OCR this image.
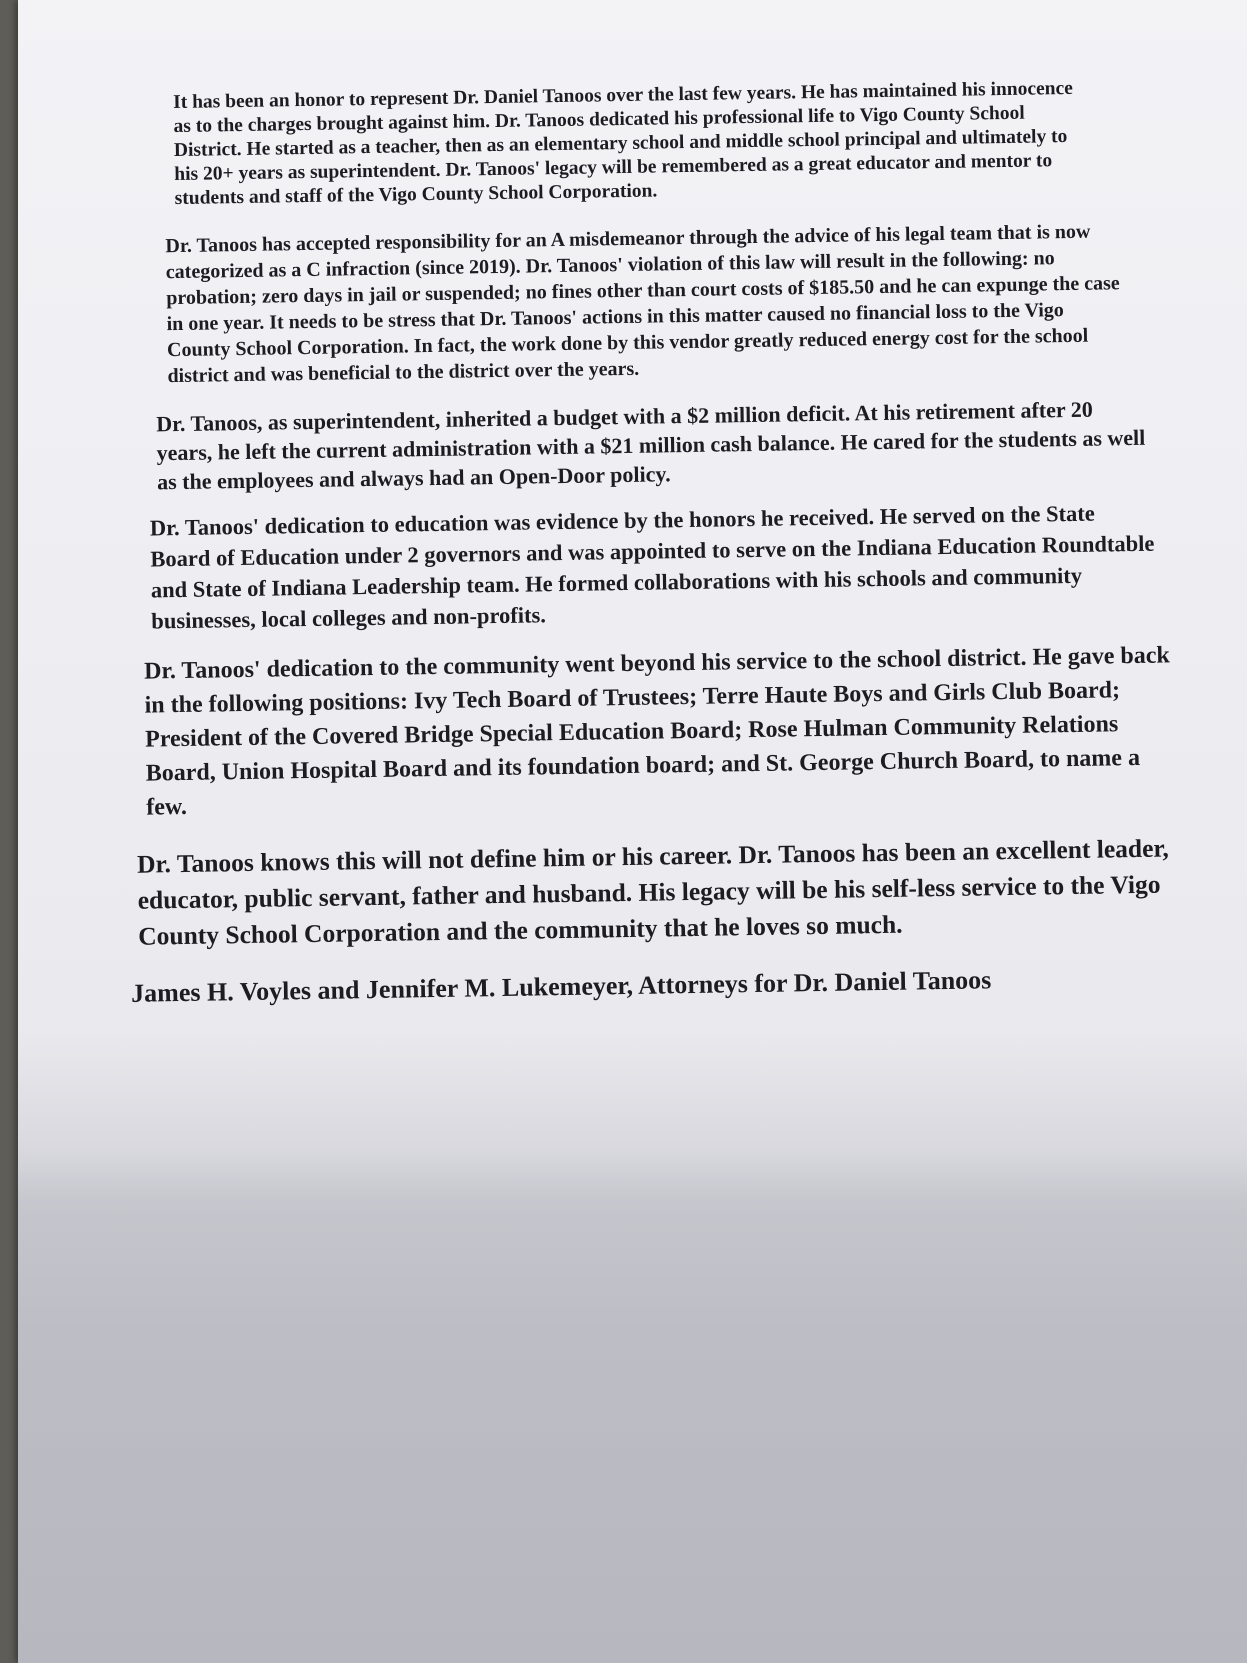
It has been an honor to represent Dr. Daniel Tanoos over the last few years. He has maintained his innocence as to the charges brought against him. Dr. Tanoos dedicated his professional life to Vigo County School District. He started as a teacher, then as an elementary school and middle school principal and ultimately to his 20+ years as superintendent. Dr. Tanoos' legacy will be remembered as a great educator and mentor to students and staff of the Vigo County School Corporation.

Dr. Tanoos has accepted responsibility for an A misdemeanor through the advice of his legal team that is now categorized as a C infraction (since 2019). Dr. Tanoos' violation of this law will result in the following: no probation; zero days in jail or suspended; no fines other than court costs of $185.50 and he can expunge the case in one year. It needs to be stress that Dr. Tanoos' actions in this matter caused no financial loss to the Vigo County School Corporation. In fact, the work done by this vendor greatly reduced energy cost for the school district and was beneficial to the district over the years.

Dr. Tanoos, as superintendent, inherited a budget with a $2 million deficit. At his retirement after 20 years, he left the current administration with a $21 million cash balance. He cared for the students as well as the employees and always had an Open-Door policy.

Dr. Tanoos' dedication to education was evidence by the honors he received. He served on the State Board of Education under 2 governors and was appointed to serve on the Indiana Education Roundtable and State of Indiana Leadership team. He formed collaborations with his schools and community businesses, local colleges and non-profits.

Dr. Tanoos' dedication to the community went beyond his service to the school district. He gave back in the following positions: Ivy Tech Board of Trustees; Terre Haute Boys and Girls Club Board; President of the Covered Bridge Special Education Board; Rose Hulman Community Relations Board, Union Hospital Board and its foundation board; and St. George Church Board, to name a few.

Dr. Tanoos knows this will not define him or his career. Dr. Tanoos has been an excellent leader, educator, public servant, father and husband. His legacy will be his self-less service to the Vigo County School Corporation and the community that he loves so much.

James H. Voyles and Jennifer M. Lukemeyer, Attorneys for Dr. Daniel Tanoos
